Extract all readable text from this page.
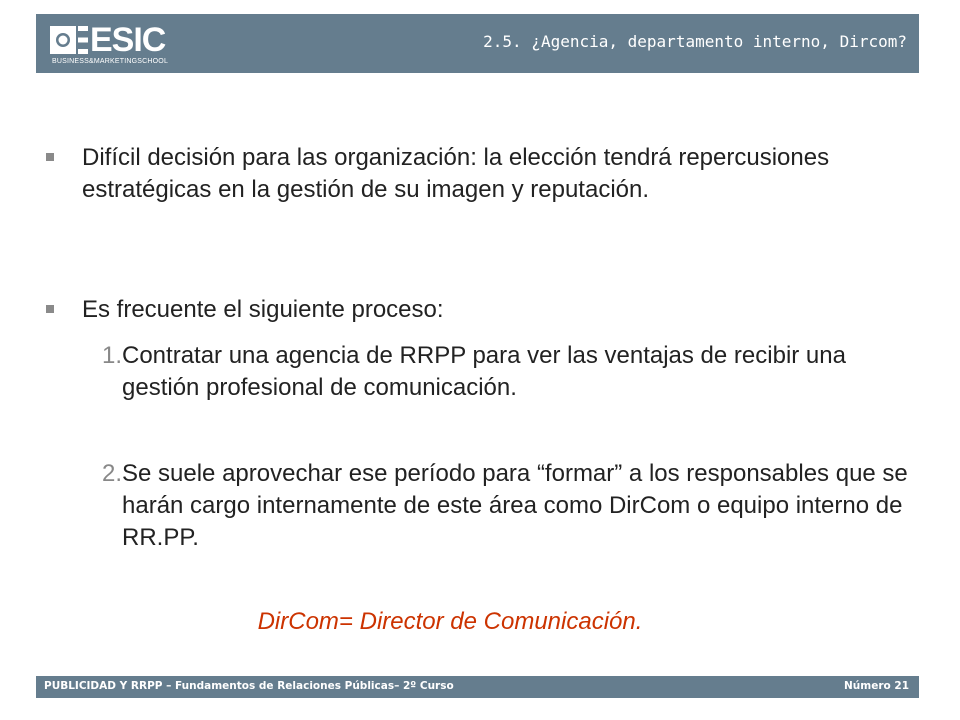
ESIC
BUSINESS&MARKETINGSCHOOL
2.5. ¿Agencia, departamento interno, Dircom?
Difícil decisión para las organización: la elección tendrá repercusiones estratégicas en la gestión de su imagen y reputación.
Es frecuente el siguiente proceso:
1. Contratar una agencia de RRPP para ver las ventajas de recibir una gestión profesional de comunicación.
2. Se suele aprovechar ese período para “formar” a los responsables que se harán cargo internamente de este área como DirCom o equipo interno de RR.PP.
DirCom= Director de Comunicación.
PUBLICIDAD Y RRPP – Fundamentos de Relaciones Públicas– 2º Curso	Número 21
